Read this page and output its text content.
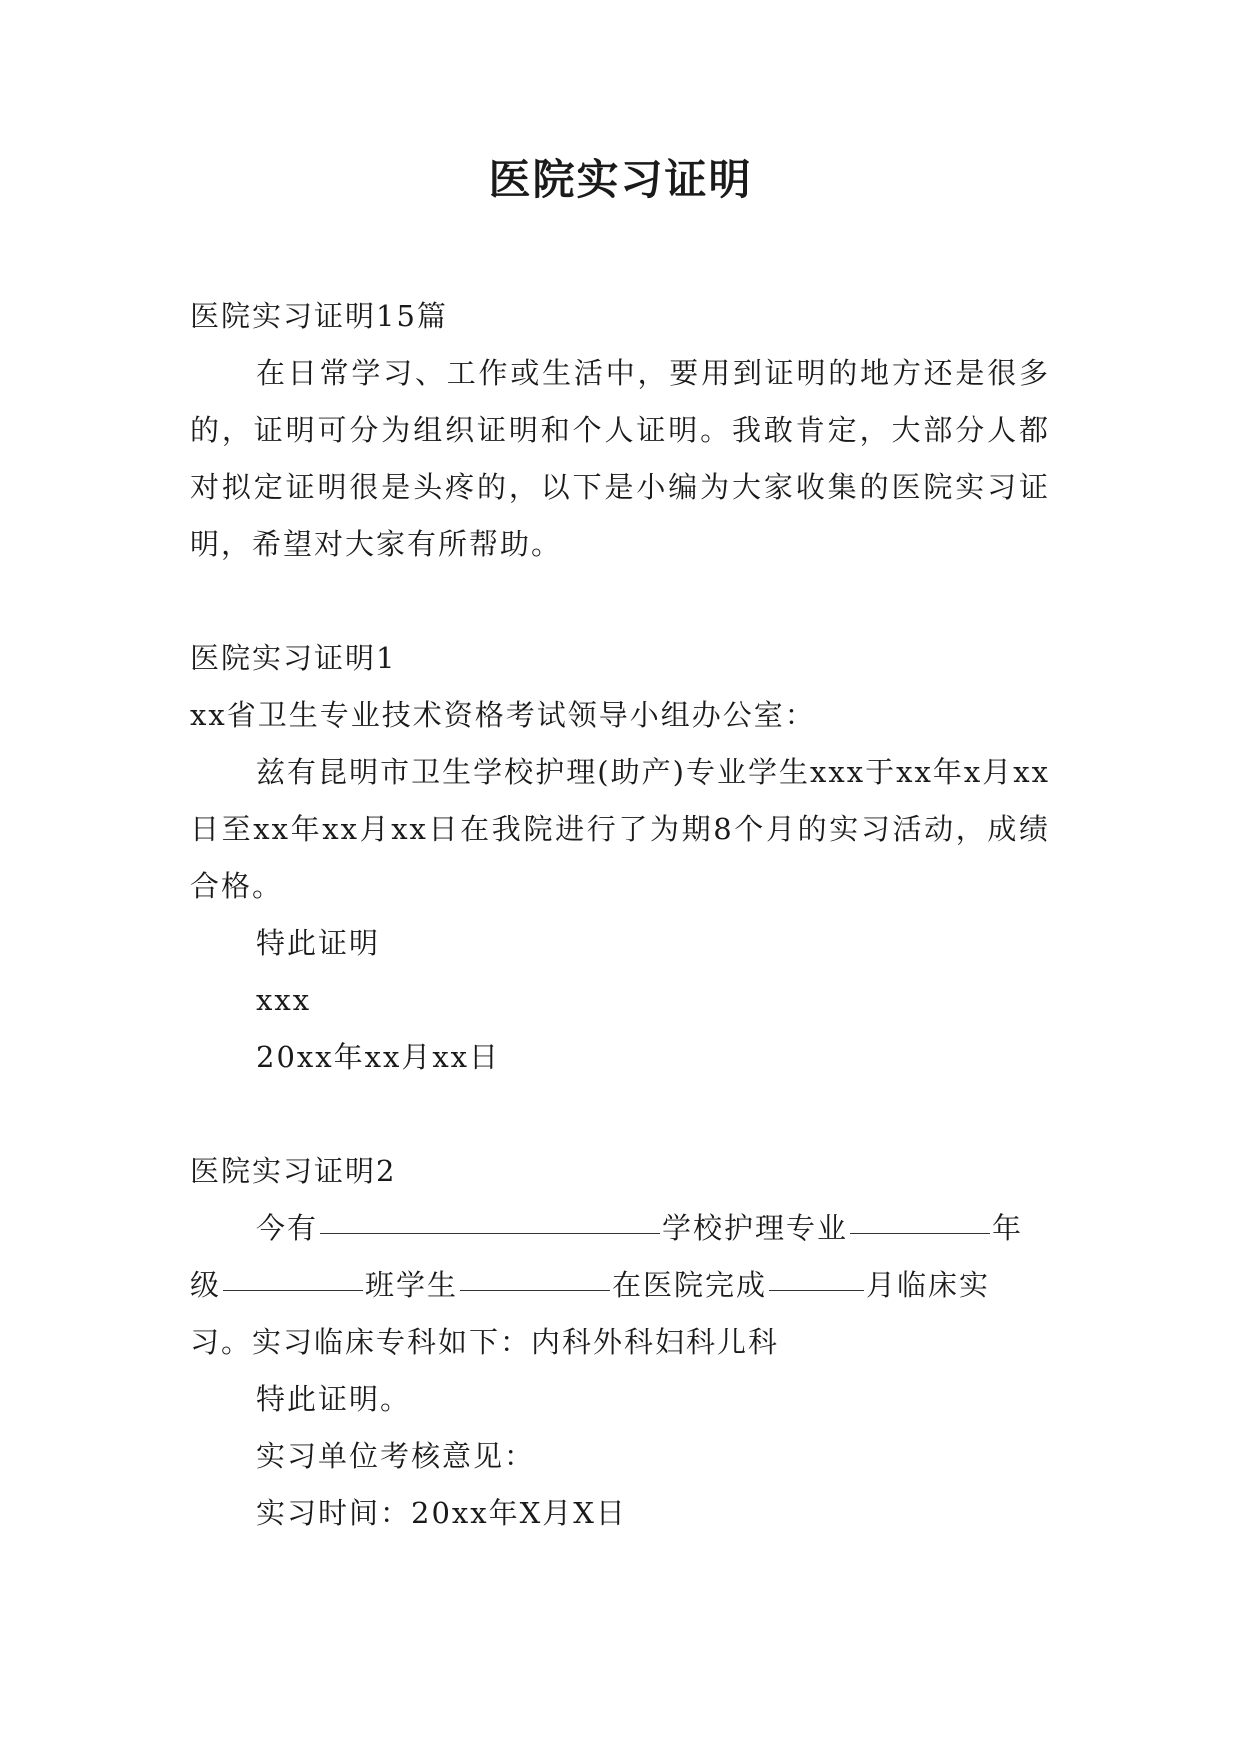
医院实习证明

医院实习证明15篇

在日常学习、工作或生活中，要用到证明的地方还是很多的，证明可分为组织证明和个人证明。我敢肯定，大部分人都对拟定证明很是头疼的，以下是小编为大家收集的医院实习证明，希望对大家有所帮助。

医院实习证明1

xx省卫生专业技术资格考试领导小组办公室：

兹有昆明市卫生学校护理(助产)专业学生xxx于xx年x月xx日至xx年xx月xx日在我院进行了为期8个月的实习活动，成绩合格。

特此证明

xxx

20xx年xx月xx日

医院实习证明2

今有	学校护理专业	年级	班学生	在医院完成	月临床实习。实习临床专科如下：内科外科妇科儿科

特此证明。

实习单位考核意见：

实习时间：20xx年X月X日
